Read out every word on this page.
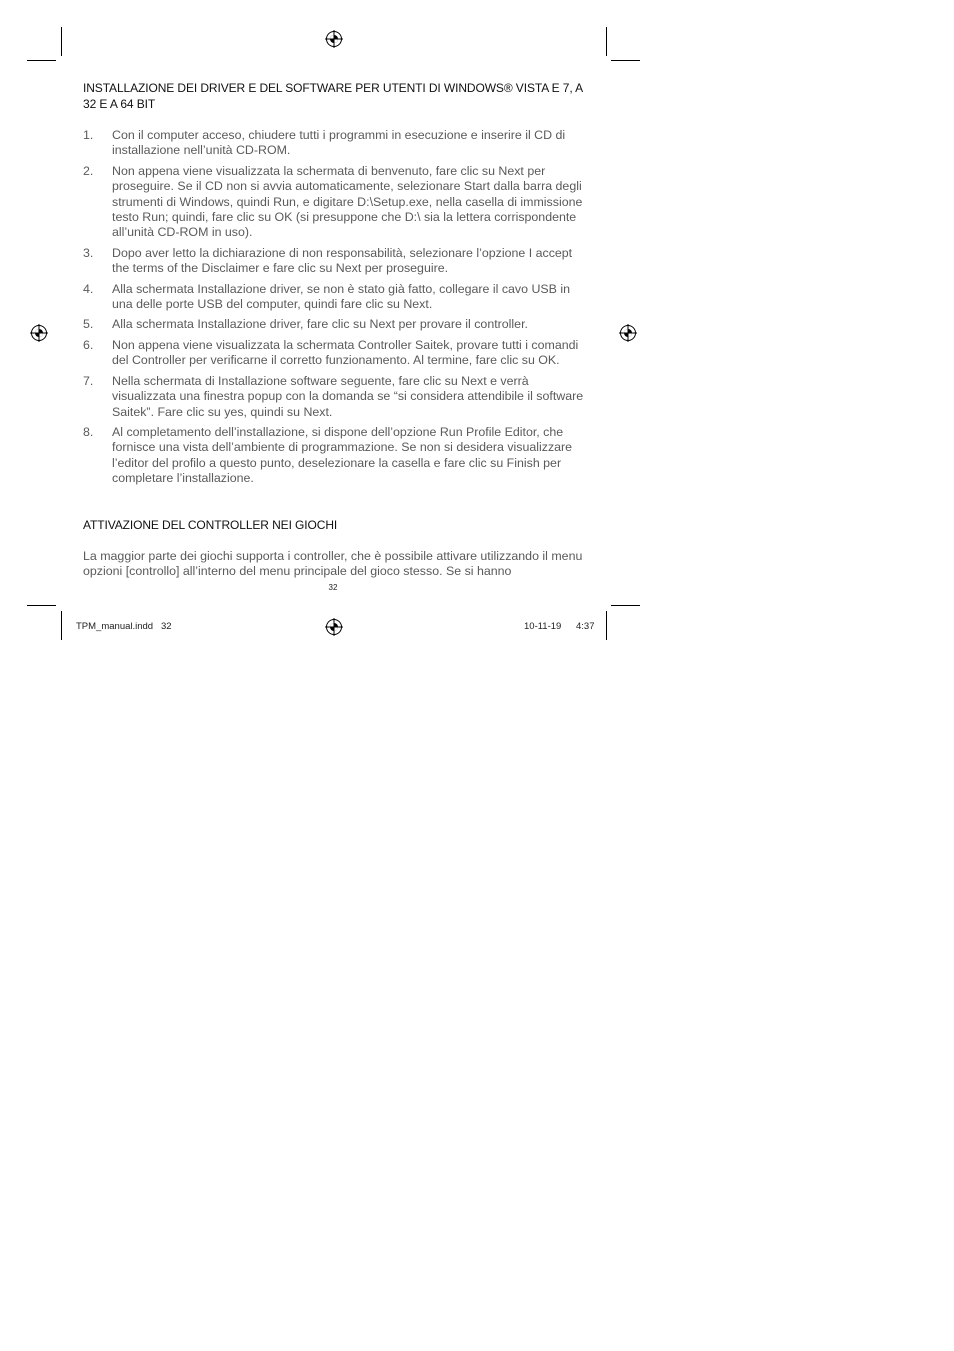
INSTALLAZIONE DEI DRIVER E DEL SOFTWARE PER UTENTI DI WINDOWS® VISTA E 7, A 32 E A 64 BIT
1.	Con il computer acceso, chiudere tutti i programmi in esecuzione e inserire il CD di installazione nell’unità CD-ROM.
2.	Non appena viene visualizzata la schermata di benvenuto, fare clic su Next per proseguire. Se il CD non si avvia automaticamente, selezionare Start dalla barra degli strumenti di Windows, quindi Run, e digitare D:\Setup.exe, nella casella di immissione testo Run; quindi, fare clic su OK (si presuppone che D:\ sia la lettera corrispondente all’unità CD-ROM in uso).
3.	Dopo aver letto la dichiarazione di non responsabilità, selezionare l’opzione I accept the terms of the Disclaimer e fare clic su Next per proseguire.
4.	Alla schermata Installazione driver, se non è stato già fatto, collegare il cavo USB in una delle porte USB del computer, quindi fare clic su Next.
5.	Alla schermata Installazione driver, fare clic su Next per provare il controller.
6.	Non appena viene visualizzata la schermata Controller Saitek, provare tutti i comandi del Controller per verificarne il corretto funzionamento. Al termine, fare clic su OK.
7.	Nella schermata di Installazione software seguente, fare clic su Next e verrà visualizzata una finestra popup con la domanda se “si considera attendibile il software Saitek”. Fare clic su yes, quindi su Next.
8.	Al completamento dell’installazione, si dispone dell’opzione Run Profile Editor, che fornisce una vista dell’ambiente di programmazione. Se non si desidera visualizzare l’editor del profilo a questo punto, deselezionare la casella e fare clic su Finish per completare l’installazione.
ATTIVAZIONE DEL CONTROLLER NEI GIOCHI
La maggior parte dei giochi supporta i controller, che è possibile attivare utilizzando il menu opzioni [controllo] all’interno del menu principale del gioco stesso. Se si hanno
32
TPM_manual.indd   32	10-11-19 4:37
